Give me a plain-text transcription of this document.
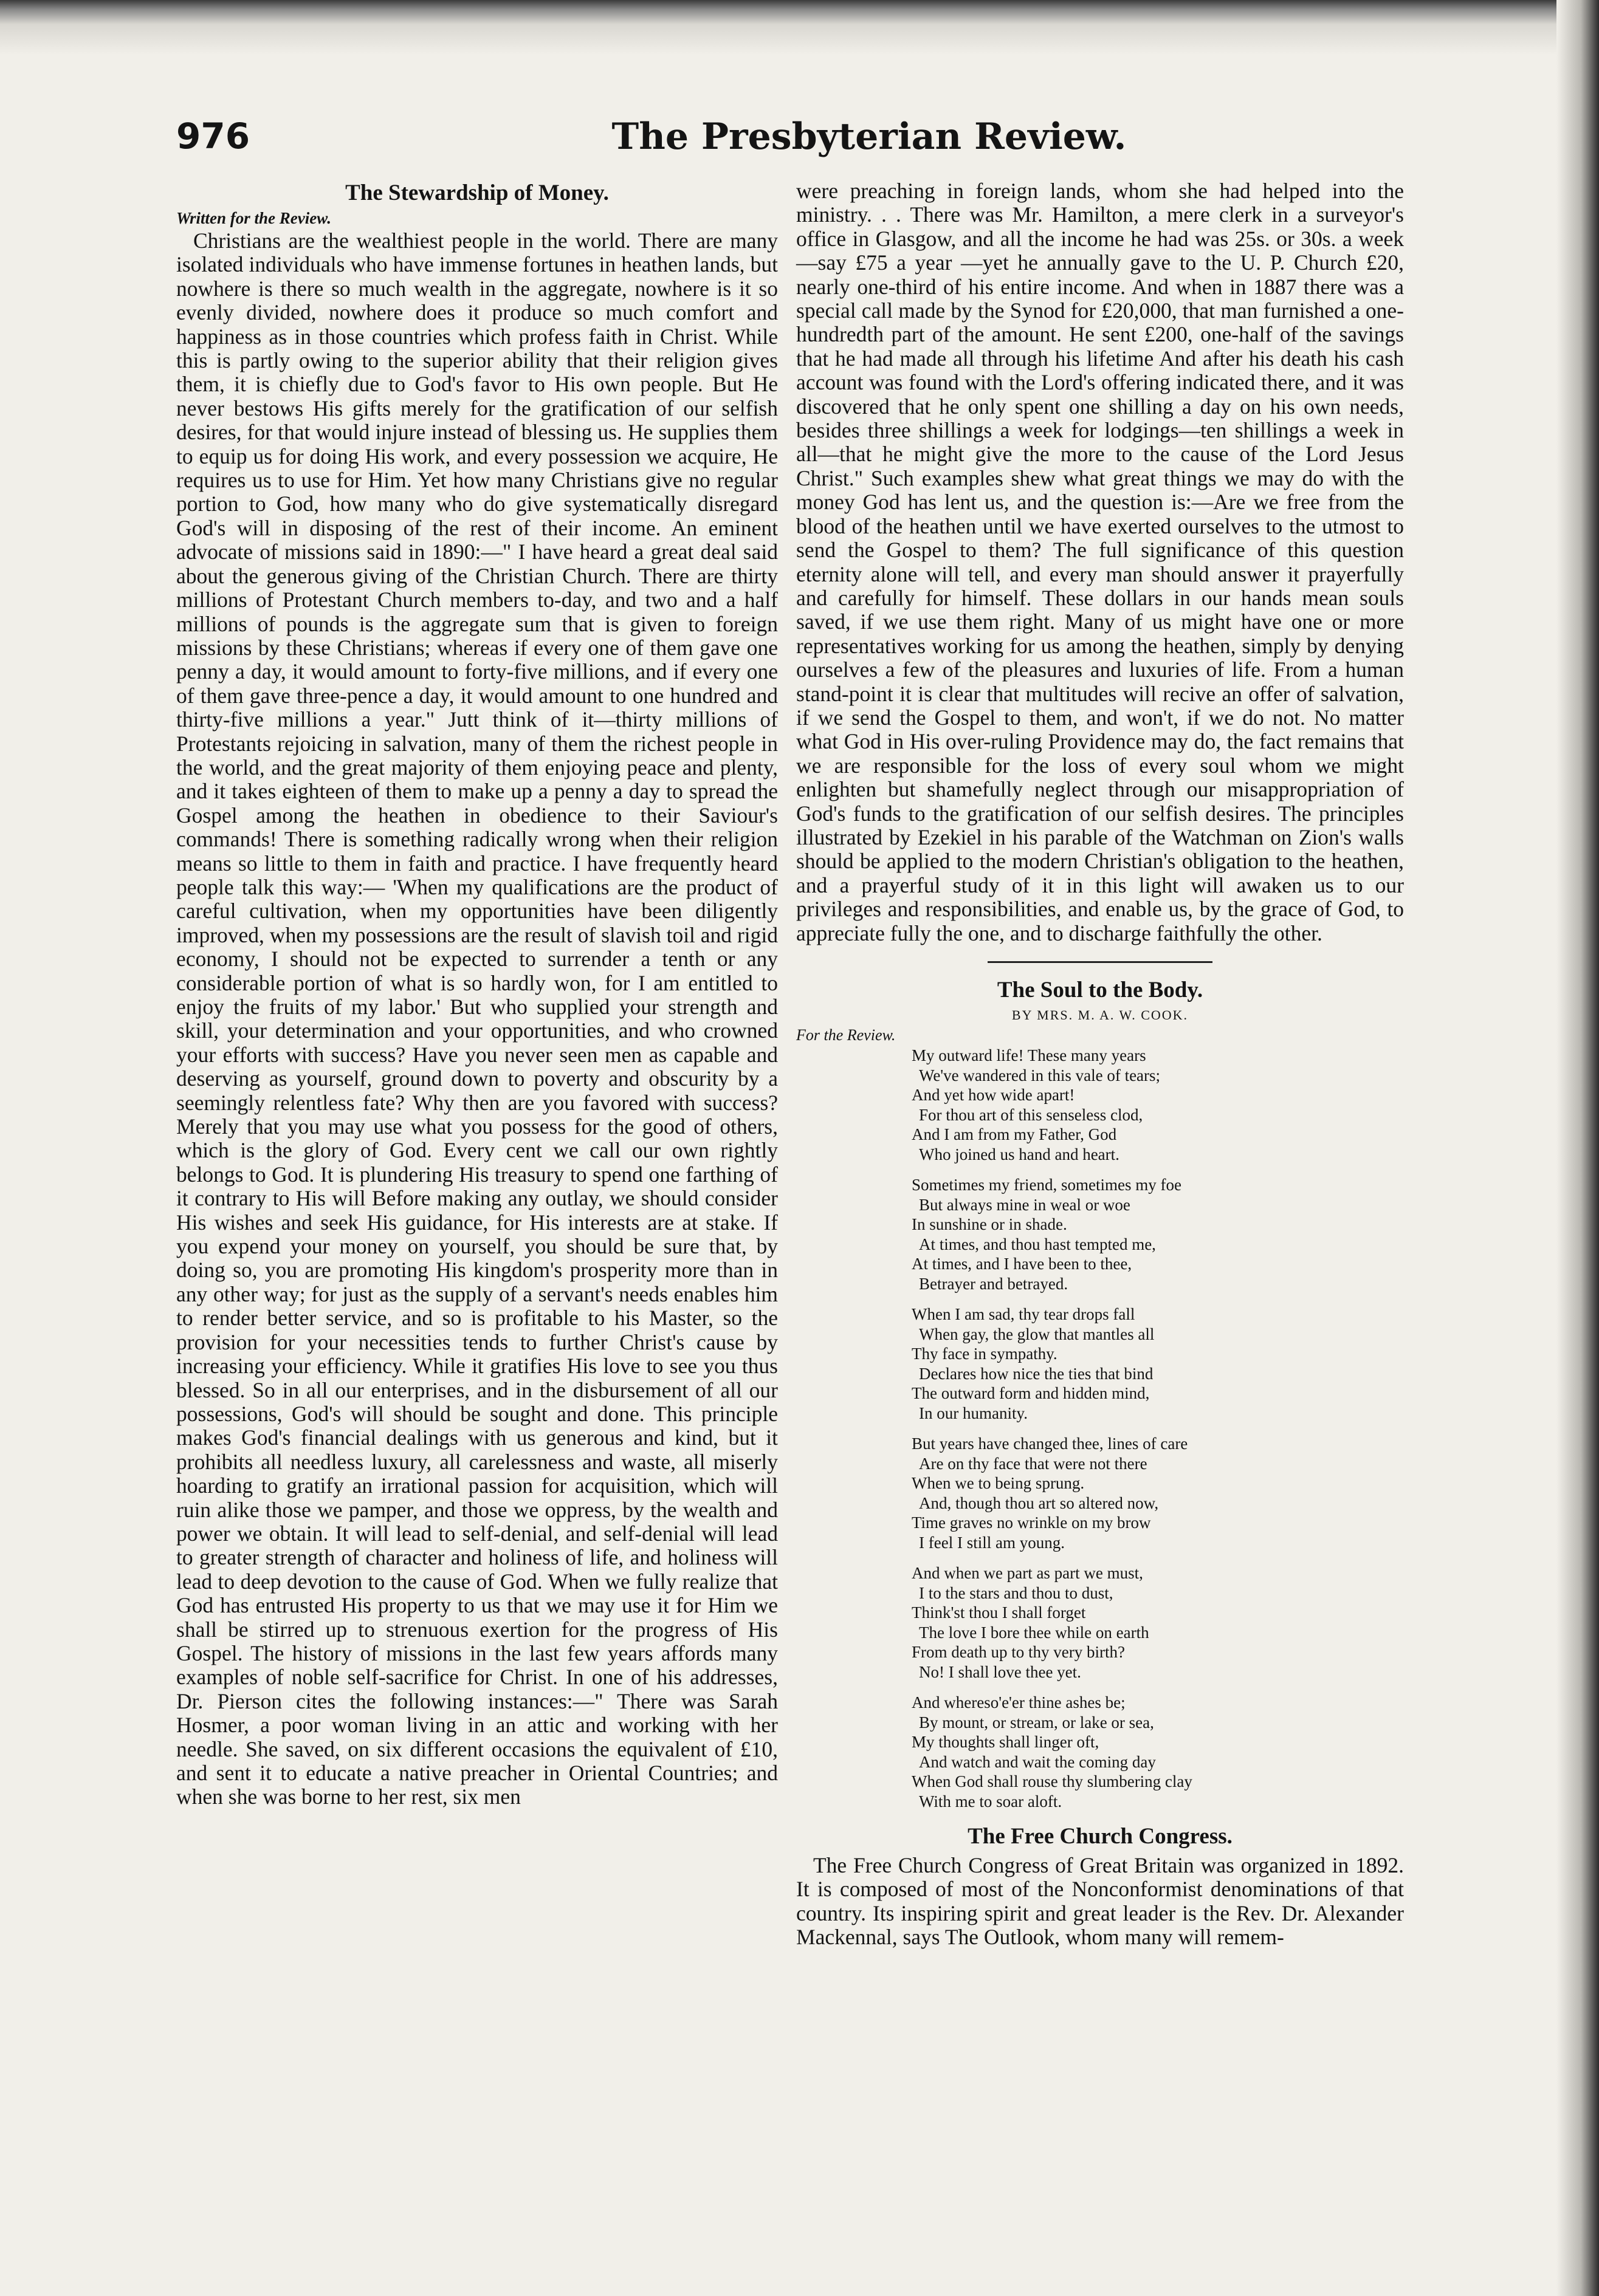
976	The Presbyterian Review.
The Stewardship of Money.
Written for the Review.

Christians are the wealthiest people in the world. There are many isolated individuals who have immense fortunes in heathen lands, but nowhere is there so much wealth in the aggregate, nowhere is it so evenly divided, nowhere does it produce so much comfort and happiness as in those countries which profess faith in Christ. While this is partly owing to the superior ability that their religion gives them, it is chiefly due to God's favor to His own people. But He never bestows His gifts merely for the gratification of our selfish desires, for that would injure instead of blessing us. He supplies them to equip us for doing His work, and every possession we acquire, He requires us to use for Him. Yet how many Christians give no regular portion to God, how many who do give systematically disregard God's will in disposing of the rest of their income. An eminent advocate of missions said in 1890:—" I have heard a great deal said about the generous giving of the Christian Church. There are thirty millions of Protestant Church members to-day, and two and a half millions of pounds is the aggregate sum that is given to foreign missions by these Christians; whereas if every one of them gave one penny a day, it would amount to forty-five millions, and if every one of them gave three-pence a day, it would amount to one hundred and thirty-five millions a year." Jutt think of it—thirty millions of Protestants rejoicing in salvation, many of them the richest people in the world, and the great majority of them enjoying peace and plenty, and it takes eighteen of them to make up a penny a day to spread the Gospel among the heathen in obedience to their Saviour's commands! There is something radically wrong when their religion means so little to them in faith and practice. I have frequently heard people talk this way:— 'When my qualifications are the product of careful cultivation, when my opportunities have been diligently improved, when my possessions are the result of slavish toil and rigid economy, I should not be expected to surrender a tenth or any considerable portion of what is so hardly won, for I am entitled to enjoy the fruits of my labor.' But who supplied your strength and skill, your determination and your opportunities, and who crowned your efforts with success? Have you never seen men as capable and deserving as yourself, ground down to poverty and obscurity by a seemingly relentless fate? Why then are you favored with success? Merely that you may use what you possess for the good of others, which is the glory of God. Every cent we call our own rightly belongs to God. It is plundering His treasury to spend one farthing of it contrary to His will Before making any outlay, we should consider His wishes and seek His guidance, for His interests are at stake. If you expend your money on yourself, you should be sure that, by doing so, you are promoting His kingdom's prosperity more than in any other way; for just as the supply of a servant's needs enables him to render better service, and so is profitable to his Master, so the provision for your necessities tends to further Christ's cause by increasing your efficiency. While it gratifies His love to see you thus blessed. So in all our enterprises, and in the disbursement of all our possessions, God's will should be sought and done. This principle makes God's financial dealings with us generous and kind, but it prohibits all needless luxury, all carelessness and waste, all miserly hoarding to gratify an irrational passion for acquisition, which will ruin alike those we pamper, and those we oppress, by the wealth and power we obtain. It will lead to self-denial, and self-denial will lead to greater strength of character and holiness of life, and holiness will lead to deep devotion to the cause of God. When we fully realize that God has entrusted His property to us that we may use it for Him we shall be stirred up to strenuous exertion for the progress of His Gospel. The history of missions in the last few years affords many examples of noble self-sacrifice for Christ. In one of his addresses, Dr. Pierson cites the following instances:—" There was Sarah Hosmer, a poor woman living in an attic and working with her needle. She saved, on six different occasions the equivalent of £10, and sent it to educate a native preacher in Oriental Countries; and when she was borne to her rest, six men

were preaching in foreign lands, whom she had helped into the ministry. . . There was Mr. Hamilton, a mere clerk in a surveyor's office in Glasgow, and all the income he had was 25s. or 30s. a week—say £75 a year —yet he annually gave to the U. P. Church £20, nearly one-third of his entire income. And when in 1887 there was a special call made by the Synod for £20,000, that man furnished a one-hundredth part of the amount. He sent £200, one-half of the savings that he had made all through his lifetime And after his death his cash account was found with the Lord's offering indicated there, and it was discovered that he only spent one shilling a day on his own needs, besides three shillings a week for lodgings—ten shillings a week in all—that he might give the more to the cause of the Lord Jesus Christ." Such examples shew what great things we may do with the money God has lent us, and the question is:—Are we free from the blood of the heathen until we have exerted ourselves to the utmost to send the Gospel to them? The full significance of this question eternity alone will tell, and every man should answer it prayerfully and carefully for himself. These dollars in our hands mean souls saved, if we use them right. Many of us might have one or more representatives working for us among the heathen, simply by denying ourselves a few of the pleasures and luxuries of life. From a human stand-point it is clear that multitudes will recive an offer of salvation, if we send the Gospel to them, and won't, if we do not. No matter what God in His over-ruling Providence may do, the fact remains that we are responsible for the loss of every soul whom we might enlighten but shamefully neglect through our misappropriation of God's funds to the gratification of our selfish desires. The principles illustrated by Ezekiel in his parable of the Watchman on Zion's walls should be applied to the modern Christian's obligation to the heathen, and a prayerful study of it in this light will awaken us to our privileges and responsibilities, and enable us, by the grace of God, to appreciate fully the one, and to discharge faithfully the other.

The Soul to the Body.
BY MRS. M. A. W. COOK.
For the Review.
My outward life! These many years
We've wandered in this vale of tears;
And yet how wide apart!
For thou art of this senseless clod,
And I am from my Father, God
Who joined us hand and heart.
Sometimes my friend, sometimes my foe
But always mine in weal or woe
In sunshine or in shade.
At times, and thou hast tempted me,
At times, and I have been to thee,
Betrayer and betrayed.
When I am sad, thy tear drops fall
When gay, the glow that mantles all
Thy face in sympathy.
Declares how nice the ties that bind
The outward form and hidden mind,
In our humanity.
But years have changed thee, lines of care
Are on thy face that were not there
When we to being sprung.
And, though thou art so altered now,
Time graves no wrinkle on my brow
I feel I still am young.
And when we part as part we must,
I to the stars and thou to dust,
Think'st thou I shall forget
The love I bore thee while on earth
From death up to thy very birth?
No! I shall love thee yet.
And whereso'e'er thine ashes be;
By mount, or stream, or lake or sea,
My thoughts shall linger oft,
And watch and wait the coming day
When God shall rouse thy slumbering clay
With me to soar aloft.
The Free Church Congress.

The Free Church Congress of Great Britain was organized in 1892. It is composed of most of the Nonconformist denominations of that country. Its inspiring spirit and great leader is the Rev. Dr. Alexander Mackennal, says The Outlook, whom many will remem-
